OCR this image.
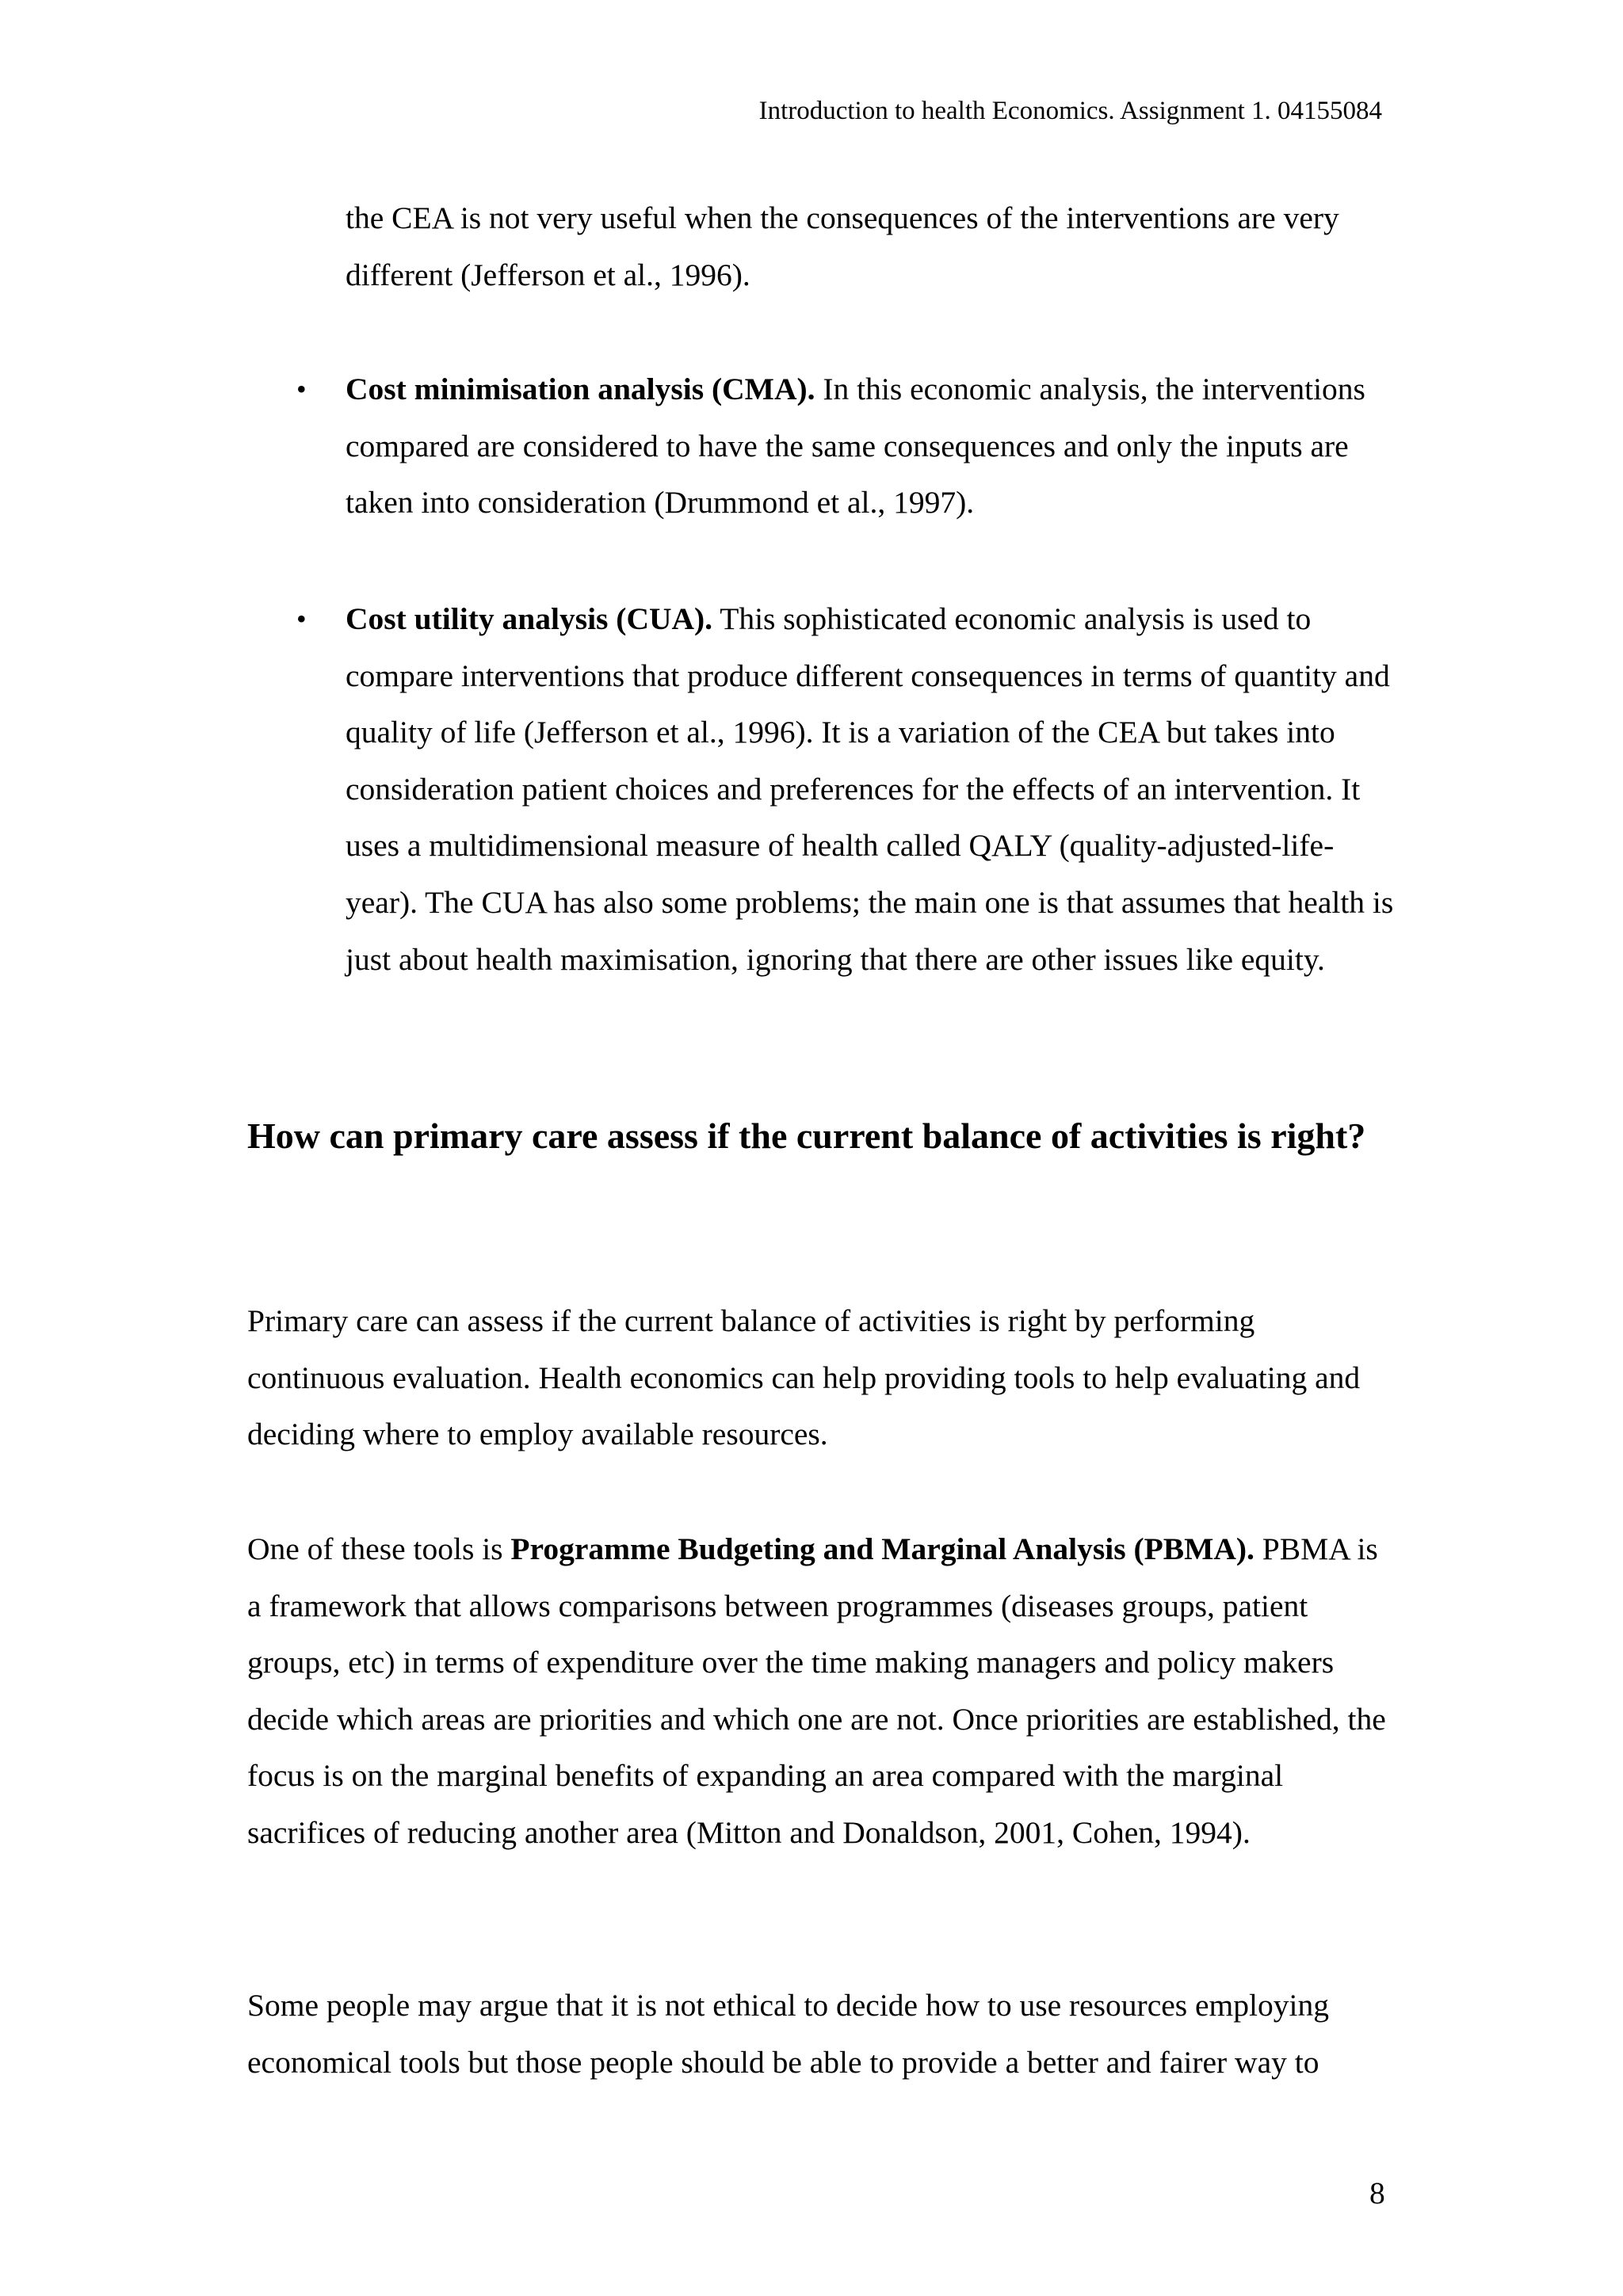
Introduction to health Economics. Assignment 1. 04155084
the CEA is not very useful when the consequences of the interventions are very different (Jefferson et al., 1996).
• Cost minimisation analysis (CMA). In this economic analysis, the interventions compared are considered to have the same consequences and only the inputs are taken into consideration (Drummond et al., 1997).
• Cost utility analysis (CUA). This sophisticated economic analysis is used to compare interventions that produce different consequences in terms of quantity and quality of life (Jefferson et al., 1996). It is a variation of the CEA but takes into consideration patient choices and preferences for the effects of an intervention. It uses a multidimensional measure of health called QALY (quality-adjusted-life-year). The CUA has also some problems; the main one is that assumes that health is just about health maximisation, ignoring that there are other issues like equity.
How can primary care assess if the current balance of activities is right?
Primary care can assess if the current balance of activities is right by performing continuous evaluation. Health economics can help providing tools to help evaluating and deciding where to employ available resources.
One of these tools is Programme Budgeting and Marginal Analysis (PBMA). PBMA is a framework that allows comparisons between programmes (diseases groups, patient groups, etc) in terms of expenditure over the time making managers and policy makers decide which areas are priorities and which one are not. Once priorities are established, the focus is on the marginal benefits of expanding an area compared with the marginal sacrifices of reducing another area (Mitton and Donaldson, 2001, Cohen, 1994).
Some people may argue that it is not ethical to decide how to use resources employing economical tools but those people should be able to provide a better and fairer way to
8
